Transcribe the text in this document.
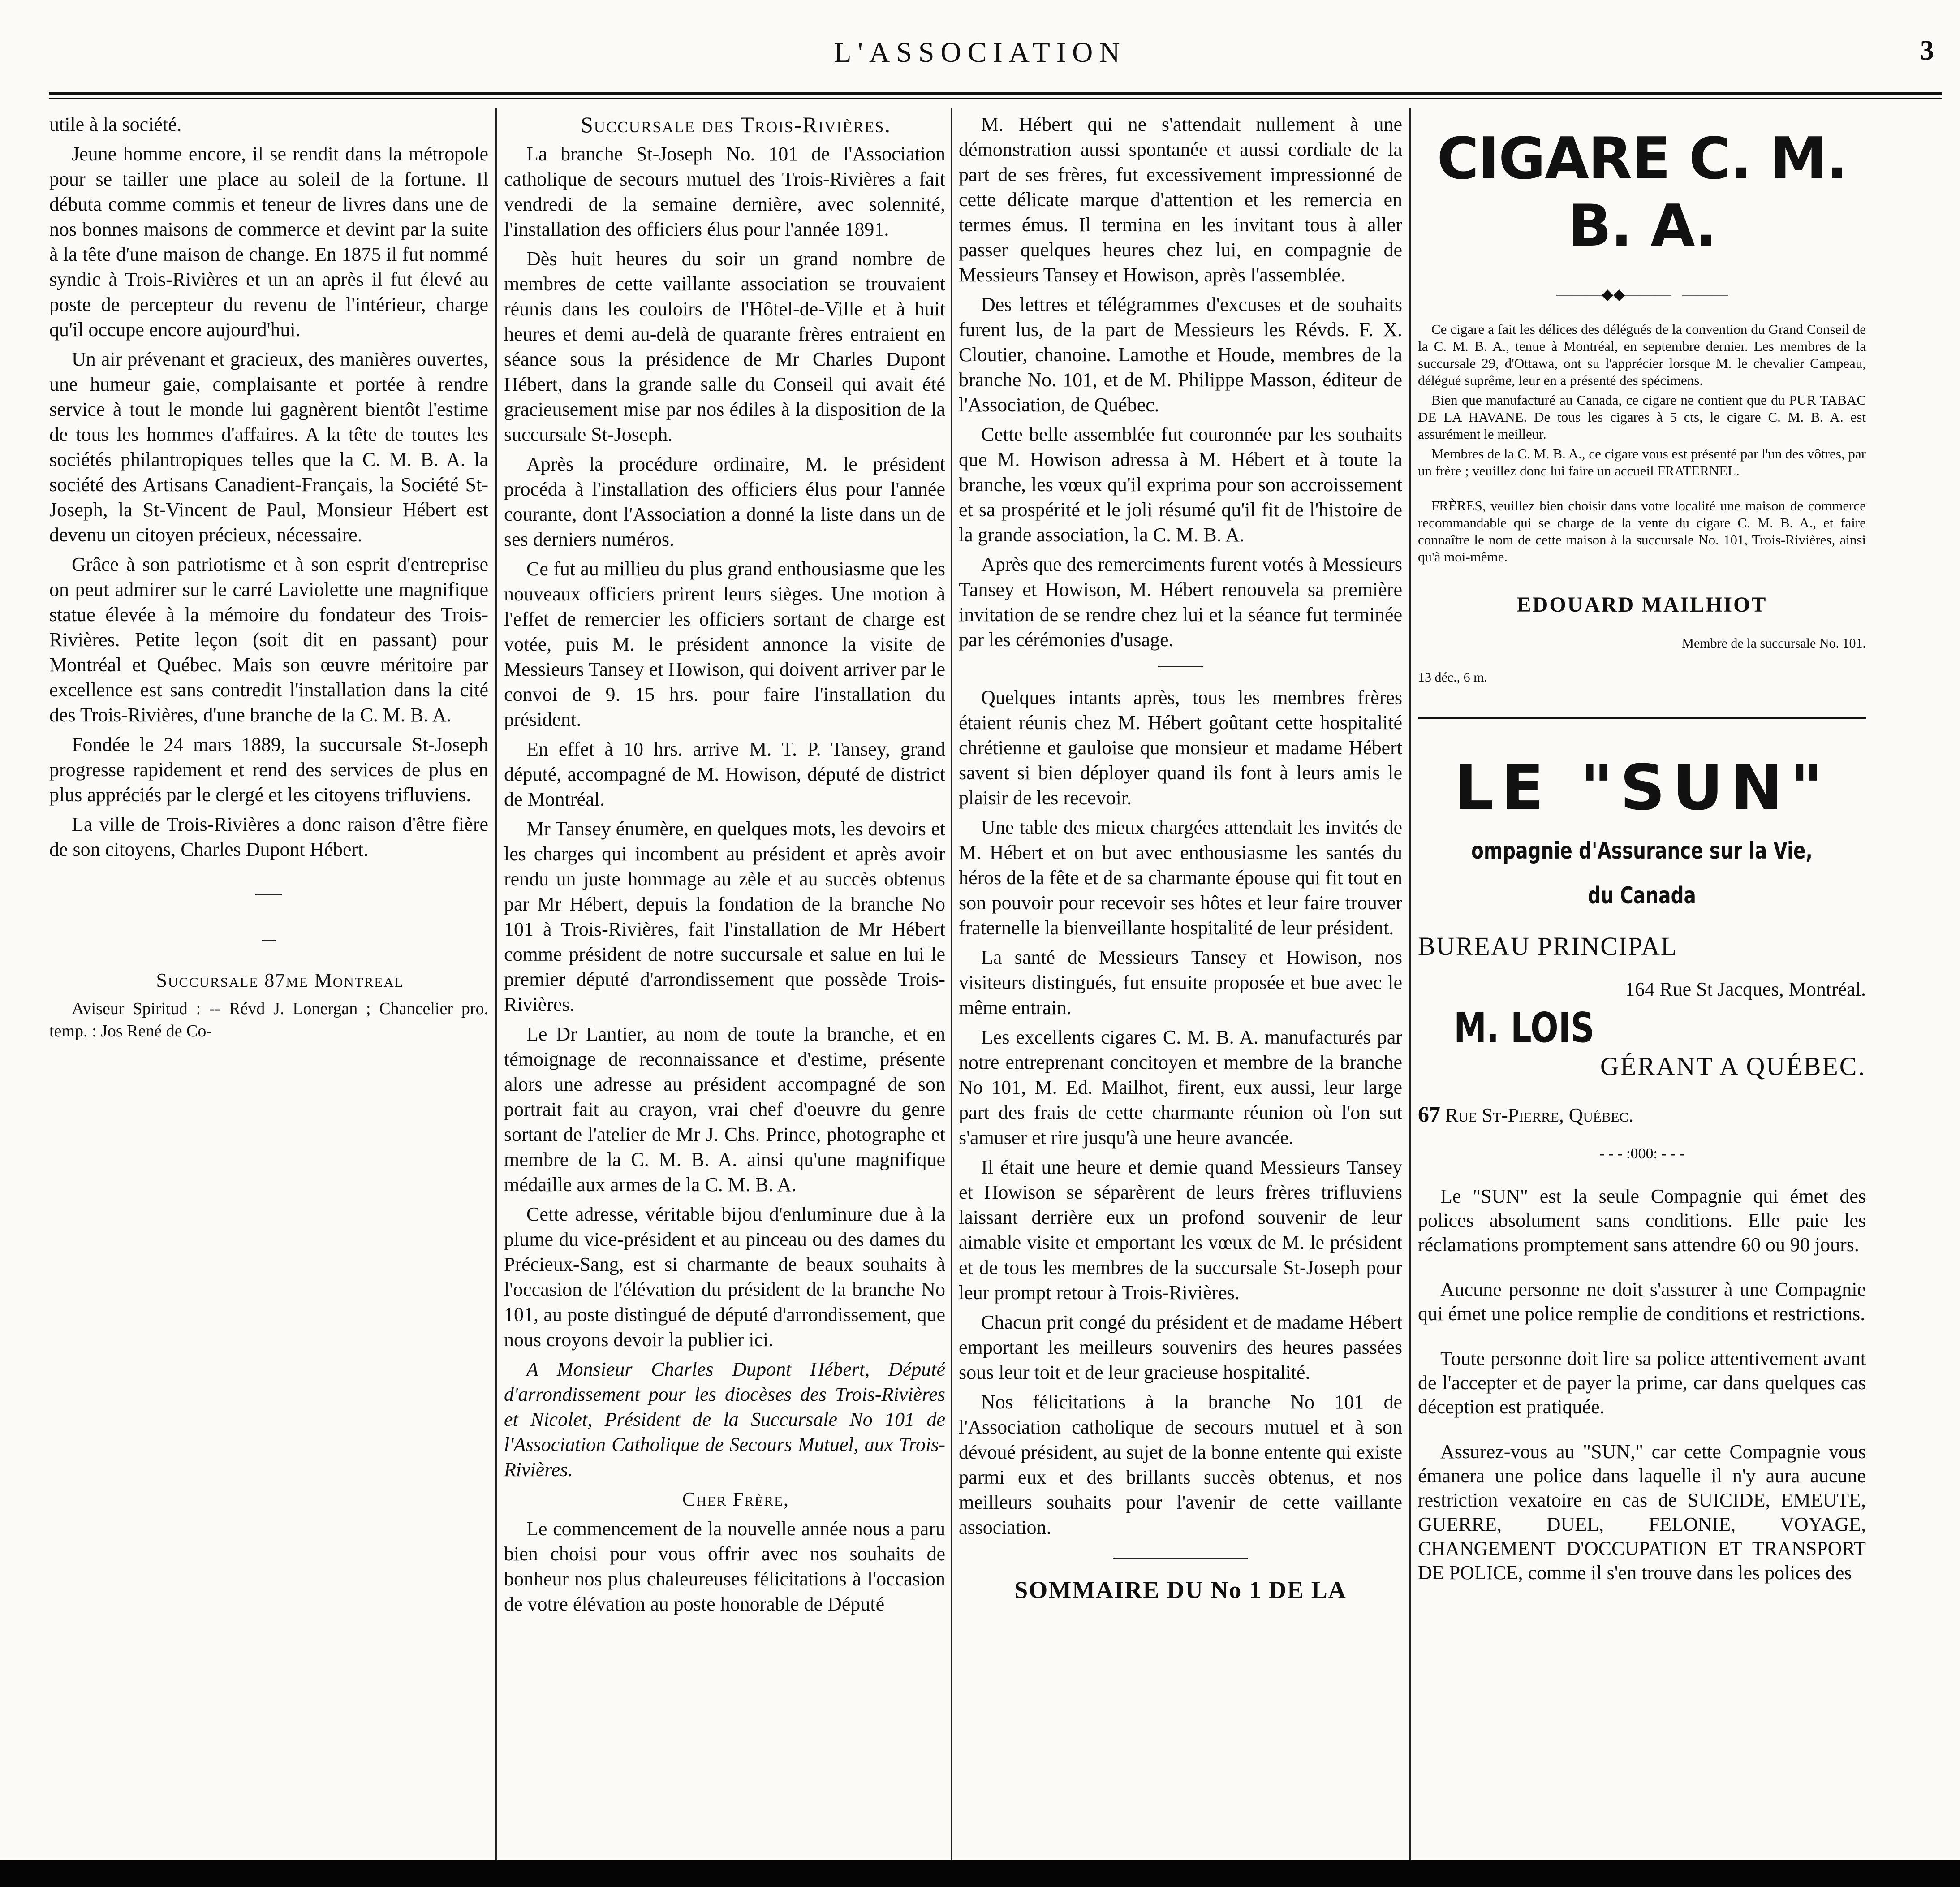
L'ASSOCIATION	3

utile à la société.

Jeune homme encore, il se rendit dans la métropole pour se tailler une place au soleil de la fortune. Il débuta comme commis et teneur de livres dans une de nos bonnes maisons de commerce et devint par la suite à la tête d'une maison de change. En 1875 il fut nommé syndic à Trois-Rivières et un an après il fut élevé au poste de percepteur du revenu de l'intérieur, charge qu'il occupe encore aujourd'hui.

Un air prévenant et gracieux, des manières ouvertes, une humeur gaie, complaisante et portée à rendre service à tout le monde lui gagnèrent bientôt l'estime de tous les hommes d'affaires. A la tête de toutes les sociétés philantropiques telles que la C. M. B. A. la société des Artisans Canadient-Français, la Société St-Joseph, la St-Vincent de Paul, Monsieur Hébert est devenu un citoyen précieux, nécessaire.

Grâce à son patriotisme et à son esprit d'entreprise on peut admirer sur le carré Laviolette une magnifique statue élevée à la mémoire du fondateur des Trois-Rivières. Petite leçon (soit dit en passant) pour Montréal et Québec. Mais son œuvre méritoire par excellence est sans contredit l'installation dans la cité des Trois-Rivières, d'une branche de la C. M. B. A.

Fondée le 24 mars 1889, la succursale St-Joseph progresse rapidement et rend des services de plus en plus appréciés par le clergé et les citoyens trifluviens.

La ville de Trois-Rivières a donc raison d'être fière de son citoyens, Charles Dupont Hébert.

Succursale 87me Montreal

Aviseur Spiritud : -- Révd J. Lonergan ; Chancelier pro. temp. : Jos René de Co-

Succursale des Trois-Rivières.

La branche St-Joseph No. 101 de l'Association catholique de secours mutuel des Trois-Rivières a fait vendredi de la semaine dernière, avec solennité, l'installation des officiers élus pour l'année 1891.

Dès huit heures du soir un grand nombre de membres de cette vaillante association se trouvaient réunis dans les couloirs de l'Hôtel-de-Ville et à huit heures et demi au-delà de quarante frères entraient en séance sous la présidence de Mr Charles Dupont Hébert, dans la grande salle du Conseil qui avait été gracieusement mise par nos édiles à la disposition de la succursale St-Joseph.

Après la procédure ordinaire, M. le président procéda à l'installation des officiers élus pour l'année courante, dont l'Association a donné la liste dans un de ses derniers numéros.

Ce fut au millieu du plus grand enthousiasme que les nouveaux officiers prirent leurs sièges. Une motion à l'effet de remercier les officiers sortant de charge est votée, puis M. le président annonce la visite de Messieurs Tansey et Howison, qui doivent arriver par le convoi de 9. 15 hrs. pour faire l'installation du président.

En effet à 10 hrs. arrive M. T. P. Tansey, grand député, accompagné de M. Howison, député de district de Montréal.

Mr Tansey énumère, en quelques mots, les devoirs et les charges qui incombent au président et après avoir rendu un juste hommage au zèle et au succès obtenus par Mr Hébert, depuis la fondation de la branche No 101 à Trois-Rivières, fait l'installation de Mr Hébert comme président de notre succursale et salue en lui le premier député d'arrondissement que possède Trois-Rivières.

Le Dr Lantier, au nom de toute la branche, et en témoignage de reconnaissance et d'estime, présente alors une adresse au président accompagné de son portrait fait au crayon, vrai chef d'oeuvre du genre sortant de l'atelier de Mr J. Chs. Prince, photographe et membre de la C. M. B. A. ainsi qu'une magnifique médaille aux armes de la C. M. B. A.

Cette adresse, véritable bijou d'enluminure due à la plume du vice-président et au pinceau ou des dames du Précieux-Sang, est si charmante de beaux souhaits à l'occasion de l'élévation du président de la branche No 101, au poste distingué de député d'arrondissement, que nous croyons devoir la publier ici.

A Monsieur Charles Dupont Hébert, Député d'arrondissement pour les diocèses des Trois-Rivières et Nicolet, Président de la Succursale No 101 de l'Association Catholique de Secours Mutuel, aux Trois-Rivières.

Cher Frère,

Le commencement de la nouvelle année nous a paru bien choisi pour vous offrir avec nos souhaits de bonheur nos plus chaleureuses félicitations à l'occasion de votre élévation au poste honorable de Député

M. Hébert qui ne s'attendait nullement à une démonstration aussi spontanée et aussi cordiale de la part de ses frères, fut excessivement impressionné de cette délicate marque d'attention et les remercia en termes émus. Il termina en les invitant tous à aller passer quelques heures chez lui, en compagnie de Messieurs Tansey et Howison, après l'assemblée.

Des lettres et télégrammes d'excuses et de souhaits furent lus, de la part de Messieurs les Révds. F. X. Cloutier, chanoine. Lamothe et Houde, membres de la branche No. 101, et de M. Philippe Masson, éditeur de l'Association, de Québec.

Cette belle assemblée fut couronnée par les souhaits que M. Howison adressa à M. Hébert et à toute la branche, les vœux qu'il exprima pour son accroissement et sa prospérité et le joli résumé qu'il fit de l'histoire de la grande association, la C. M. B. A.

Après que des remerciments furent votés à Messieurs Tansey et Howison, M. Hébert renouvela sa première invitation de se rendre chez lui et la séance fut terminée par les cérémonies d'usage.

Quelques intants après, tous les membres frères étaient réunis chez M. Hébert goûtant cette hospitalité chrétienne et gauloise que monsieur et madame Hébert savent si bien déployer quand ils font à leurs amis le plaisir de les recevoir.

Une table des mieux chargées attendait les invités de M. Hébert et on but avec enthousiasme les santés du héros de la fête et de sa charmante épouse qui fit tout en son pouvoir pour recevoir ses hôtes et leur faire trouver fraternelle la bienveillante hospitalité de leur président.

La santé de Messieurs Tansey et Howison, nos visiteurs distingués, fut ensuite proposée et bue avec le même entrain.

Les excellents cigares C. M. B. A. manufacturés par notre entreprenant concitoyen et membre de la branche No 101, M. Ed. Mailhot, firent, eux aussi, leur large part des frais de cette charmante réunion où l'on sut s'amuser et rire jusqu'à une heure avancée.

Il était une heure et demie quand Messieurs Tansey et Howison se séparèrent de leurs frères trifluviens laissant derrière eux un profond souvenir de leur aimable visite et emportant les vœux de M. le président et de tous les membres de la succursale St-Joseph pour leur prompt retour à Trois-Rivières.

Chacun prit congé du président et de madame Hébert emportant les meilleurs souvenirs des heures passées sous leur toit et de leur gracieuse hospitalité.

Nos félicitations à la branche No 101 de l'Association catholique de secours mutuel et à son dévoué président, au sujet de la bonne entente qui existe parmi eux et des brillants succès obtenus, et nos meilleurs souhaits pour l'avenir de cette vaillante association.

SOMMAIRE DU No 1 DE LA
CIGARE C. M. B. A.
———◆◆———   ———

Ce cigare a fait les délices des délégués de la convention du Grand Conseil de la C. M. B. A., tenue à Montréal, en septembre dernier. Les membres de la succursale 29, d'Ottawa, ont su l'apprécier lorsque M. le chevalier Campeau, délégué suprême, leur en a présenté des spécimens.

Bien que manufacturé au Canada, ce cigare ne contient que du PUR TABAC DE LA HAVANE. De tous les cigares à 5 cts, le cigare C. M. B. A. est assurément le meilleur.

Membres de la C. M. B. A., ce cigare vous est présenté par l'un des vôtres, par un frère ; veuillez donc lui faire un accueil FRATERNEL.

FRÈRES, veuillez bien choisir dans votre localité une maison de commerce recommandable qui se charge de la vente du cigare C. M. B. A., et faire connaître le nom de cette maison à la succursale No. 101, Trois-Rivières, ainsi qu'à moi-même.

EDOUARD MAILHIOT
Membre de la succursale No. 101.
13 déc., 6 m.
LE "SUN"
ompagnie d'Assurance sur la Vie,
du Canada
BUREAU PRINCIPAL
164 Rue St Jacques, Montréal.
M. LOIS
GÉRANT A QUÉBEC.
67 Rue St-Pierre, Québec.
- - - :000: - - -

Le "SUN" est la seule Compagnie qui émet des polices absolument sans conditions. Elle paie les réclamations promptement sans attendre 60 ou 90 jours.

Aucune personne ne doit s'assurer à une Compagnie qui émet une police remplie de conditions et restrictions.

Toute personne doit lire sa police attentivement avant de l'accepter et de payer la prime, car dans quelques cas déception est pratiquée.

Assurez-vous au "SUN," car cette Compagnie vous émanera une police dans laquelle il n'y aura aucune restriction vexatoire en cas de SUICIDE, EMEUTE, GUERRE, DUEL, FELONIE, VOYAGE, CHANGEMENT D'OCCUPATION ET TRANSPORT DE POLICE, comme il s'en trouve dans les polices des
